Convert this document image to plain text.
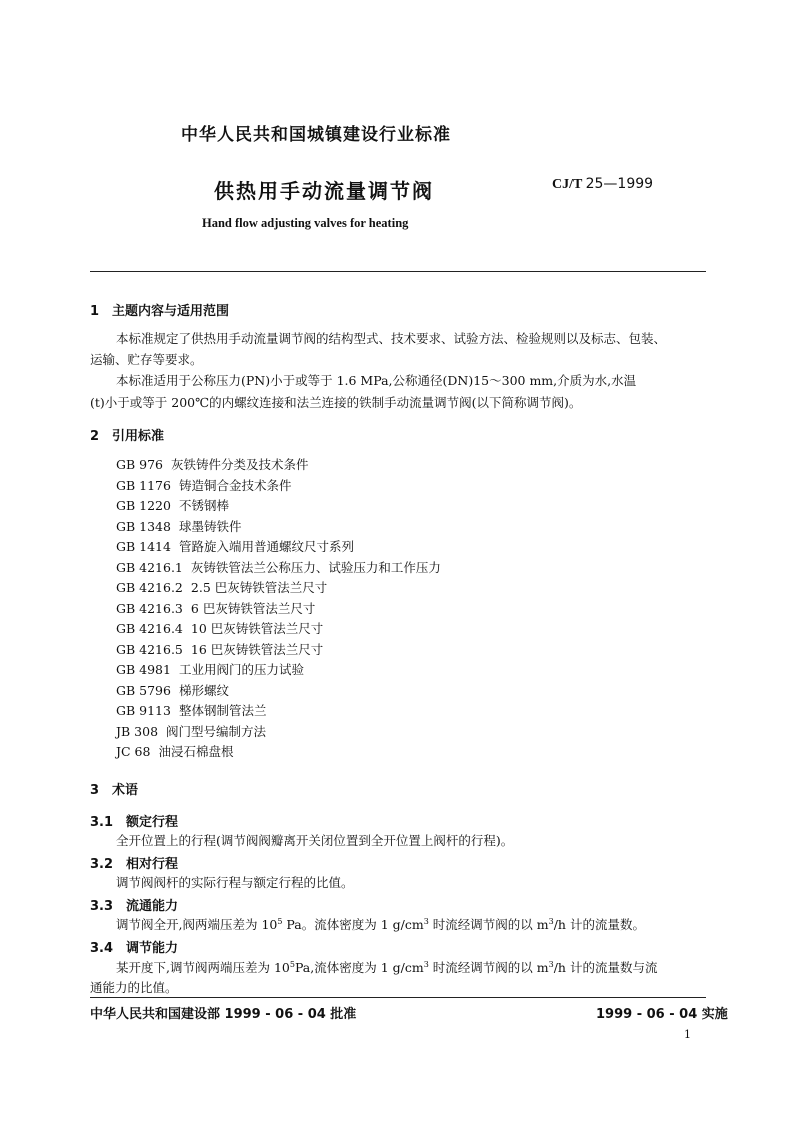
中华人民共和国城镇建设行业标准
供热用手动流量调节阀	CJ/T 25—1999
Hand flow adjusting valves for heating
1　主题内容与适用范围
本标准规定了供热用手动流量调节阀的结构型式、技术要求、试验方法、检验规则以及标志、包装、
运输、贮存等要求。
本标准适用于公称压力(PN)小于或等于 1.6 MPa,公称通径(DN)15～300 mm,介质为水,水温
(t)小于或等于 200℃的内螺纹连接和法兰连接的铁制手动流量调节阀(以下简称调节阀)。
2　引用标准
GB 976 灰铁铸件分类及技术条件
GB 1176 铸造铜合金技术条件
GB 1220 不锈钢棒
GB 1348 球墨铸铁件
GB 1414 管路旋入端用普通螺纹尺寸系列
GB 4216.1 灰铸铁管法兰公称压力、试验压力和工作压力
GB 4216.2 2.5 巴灰铸铁管法兰尺寸
GB 4216.3 6 巴灰铸铁管法兰尺寸
GB 4216.4 10 巴灰铸铁管法兰尺寸
GB 4216.5 16 巴灰铸铁管法兰尺寸
GB 4981 工业用阀门的压力试验
GB 5796 梯形螺纹
GB 9113 整体钢制管法兰
JB 308 阀门型号编制方法
JC 68 油浸石棉盘根
3　术语
3.1　额定行程
全开位置上的行程(调节阀阀瓣离开关闭位置到全开位置上阀杆的行程)。
3.2　相对行程
调节阀阀杆的实际行程与额定行程的比值。
3.3　流通能力
调节阀全开,阀两端压差为 $10^5$ Pa。流体密度为 1 $g/cm^3$ 时流经调节阀的以 $m^3/h$ 计的流量数。
3.4　调节能力
某开度下,调节阀两端压差为 $10^5Pa$,流体密度为 1 $g/cm^3$ 时流经调节阀的以 $m^3/h$ 计的流量数与流
通能力的比值。
中华人民共和国建设部 1999 - 06 - 04 批准	1999 - 06 - 04 实施
1
